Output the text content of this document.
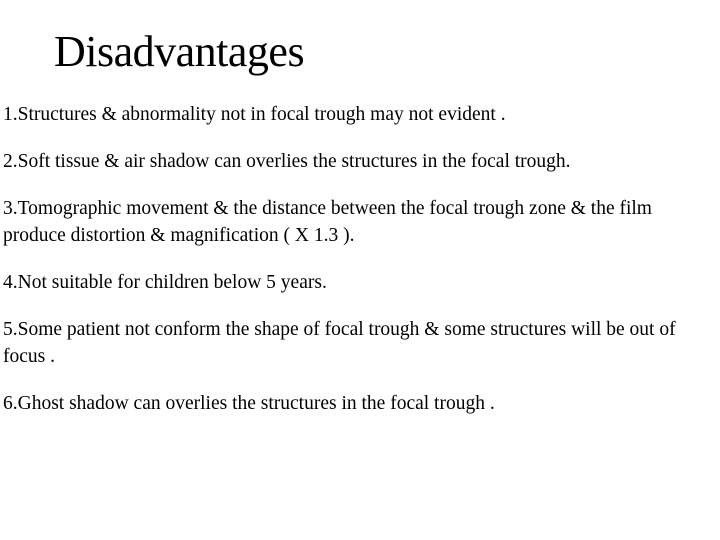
Disadvantages
1.Structures & abnormality not in focal trough may not evident .
2.Soft tissue & air shadow can overlies the structures in the focal trough.
3.Tomographic movement & the distance between the focal trough zone & the film produce distortion & magnification ( X 1.3 ).
4.Not suitable for children below 5 years.
5.Some patient not conform the shape of focal trough & some structures will be out of focus .
6.Ghost shadow can overlies the structures in the focal trough .
